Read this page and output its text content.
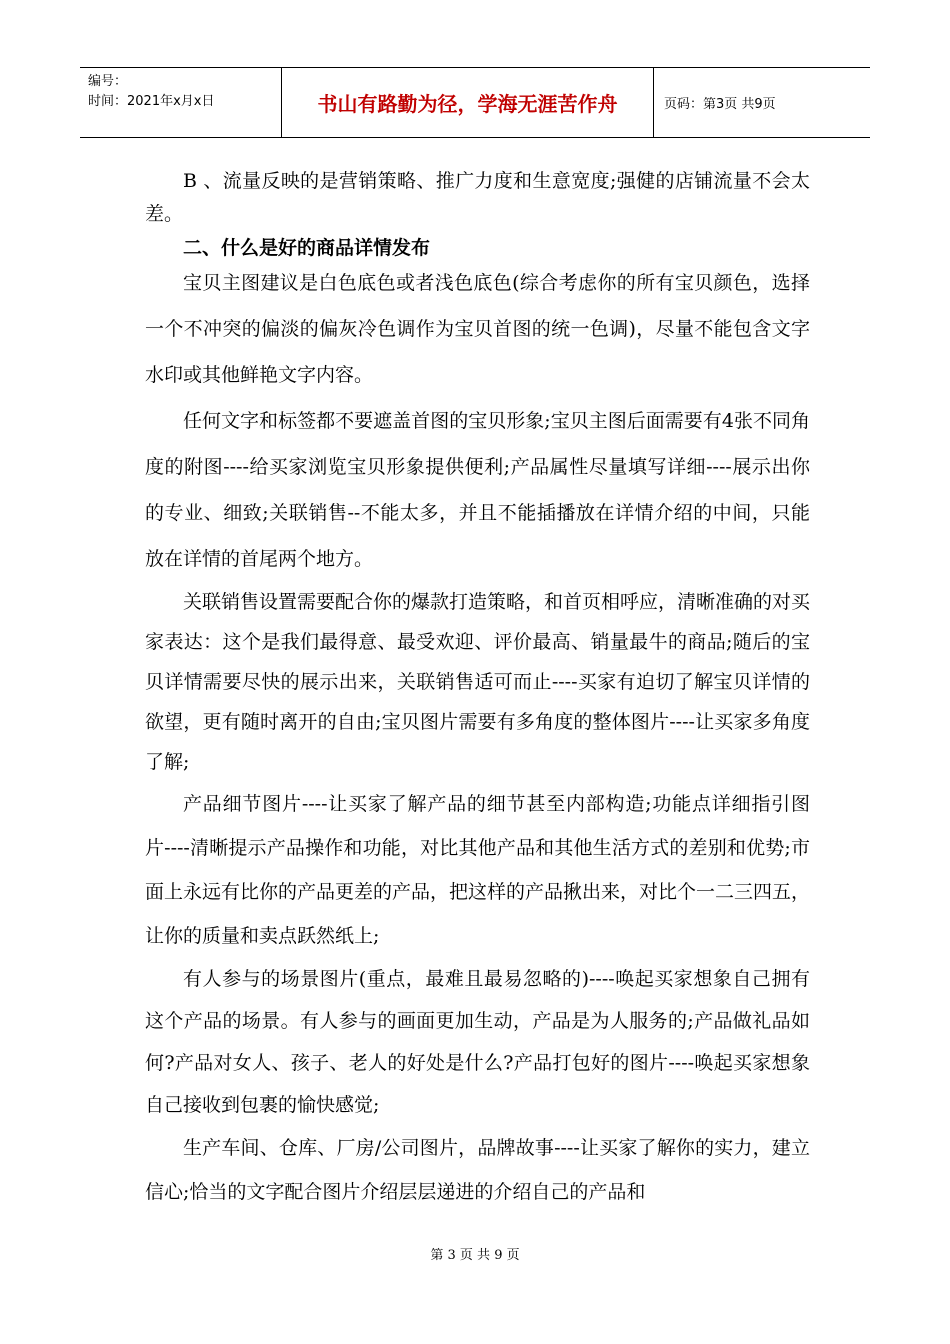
编号：
时间：2021年x月x日	书山有路勤为径，学海无涯苦作舟	页码：第3页 共9页

B 、流量反映的是营销策略、推广力度和生意宽度;强健的店铺流量不会太差。

二、什么是好的商品详情发布

宝贝主图建议是白色底色或者浅色底色(综合考虑你的所有宝贝颜色，选择一个不冲突的偏淡的偏灰冷色调作为宝贝首图的统一色调)，尽量不能包含文字水印或其他鲜艳文字内容。

任何文字和标签都不要遮盖首图的宝贝形象;宝贝主图后面需要有4张不同角度的附图----给买家浏览宝贝形象提供便利;产品属性尽量填写详细----展示出你的专业、细致;关联销售--不能太多，并且不能插播放在详情介绍的中间，只能放在详情的首尾两个地方。

关联销售设置需要配合你的爆款打造策略，和首页相呼应，清晰准确的对买家表达：这个是我们最得意、最受欢迎、评价最高、销量最牛的商品;随后的宝贝详情需要尽快的展示出来，关联销售适可而止----买家有迫切了解宝贝详情的欲望，更有随时离开的自由;宝贝图片需要有多角度的整体图片----让买家多角度了解;

产品细节图片----让买家了解产品的细节甚至内部构造;功能点详细指引图片----清晰提示产品操作和功能，对比其他产品和其他生活方式的差别和优势;市面上永远有比你的产品更差的产品，把这样的产品揪出来，对比个一二三四五，让你的质量和卖点跃然纸上;

有人参与的场景图片(重点，最难且最易忽略的)----唤起买家想象自己拥有这个产品的场景。有人参与的画面更加生动，产品是为人服务的;产品做礼品如何?产品对女人、孩子、老人的好处是什么?产品打包好的图片----唤起买家想象自己接收到包裹的愉快感觉;

生产车间、仓库、厂房/公司图片，品牌故事----让买家了解你的实力，建立信心;恰当的文字配合图片介绍层层递进的介绍自己的产品和

第 3 页 共 9 页
